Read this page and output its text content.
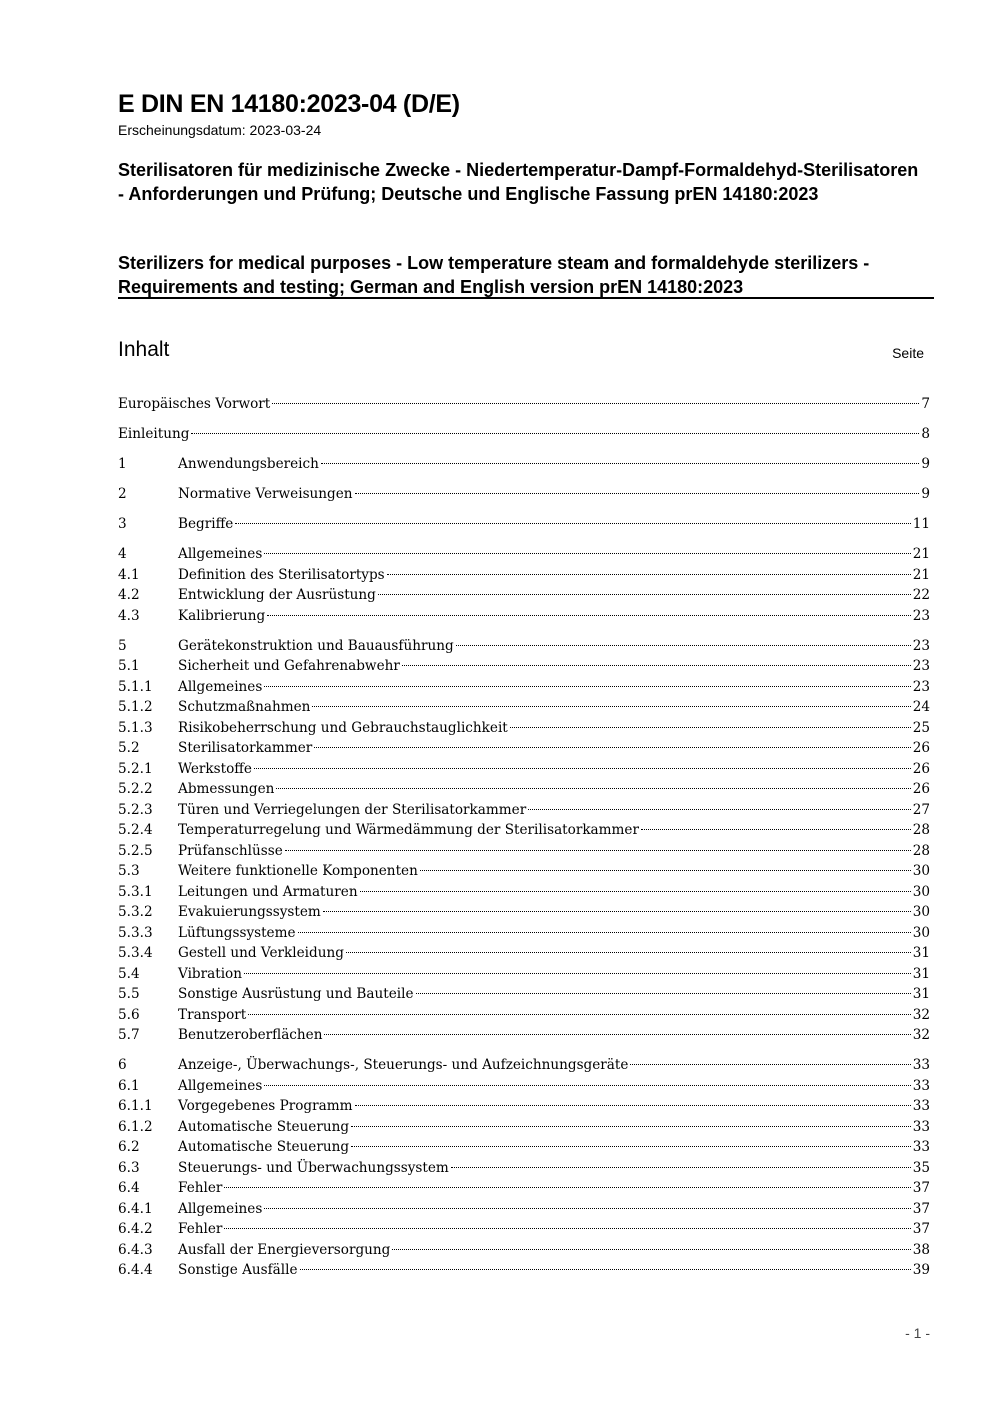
E DIN EN 14180:2023-04 (D/E)
Erscheinungsdatum: 2023-03-24
Sterilisatoren für medizinische Zwecke - Niedertemperatur-Dampf-Formaldehyd-Sterilisatoren - Anforderungen und Prüfung; Deutsche und Englische Fassung prEN 14180:2023
Sterilizers for medical purposes - Low temperature steam and formaldehyde sterilizers - Requirements and testing; German and English version prEN 14180:2023
Inhalt	Seite
Europäisches Vorwort	7
Einleitung	8
1	Anwendungsbereich	9
2	Normative Verweisungen	9
3	Begriffe	11
4	Allgemeines	21
4.1	Definition des Sterilisatortyps	21
4.2	Entwicklung der Ausrüstung	22
4.3	Kalibrierung	23
5	Gerätekonstruktion und Bauausführung	23
5.1	Sicherheit und Gefahrenabwehr	23
5.1.1	Allgemeines	23
5.1.2	Schutzmaßnahmen	24
5.1.3	Risikobeherrschung und Gebrauchstauglichkeit	25
5.2	Sterilisatorkammer	26
5.2.1	Werkstoffe	26
5.2.2	Abmessungen	26
5.2.3	Türen und Verriegelungen der Sterilisatorkammer	27
5.2.4	Temperaturregelung und Wärmedämmung der Sterilisatorkammer	28
5.2.5	Prüfanschlüsse	28
5.3	Weitere funktionelle Komponenten	30
5.3.1	Leitungen und Armaturen	30
5.3.2	Evakuierungssystem	30
5.3.3	Lüftungssysteme	30
5.3.4	Gestell und Verkleidung	31
5.4	Vibration	31
5.5	Sonstige Ausrüstung und Bauteile	31
5.6	Transport	32
5.7	Benutzeroberflächen	32
6	Anzeige-, Überwachungs-, Steuerungs- und Aufzeichnungsgeräte	33
6.1	Allgemeines	33
6.1.1	Vorgegebenes Programm	33
6.1.2	Automatische Steuerung	33
6.2	Automatische Steuerung	33
6.3	Steuerungs- und Überwachungssystem	35
6.4	Fehler	37
6.4.1	Allgemeines	37
6.4.2	Fehler	37
6.4.3	Ausfall der Energieversorgung	38
6.4.4	Sonstige Ausfälle	39
- 1 -
